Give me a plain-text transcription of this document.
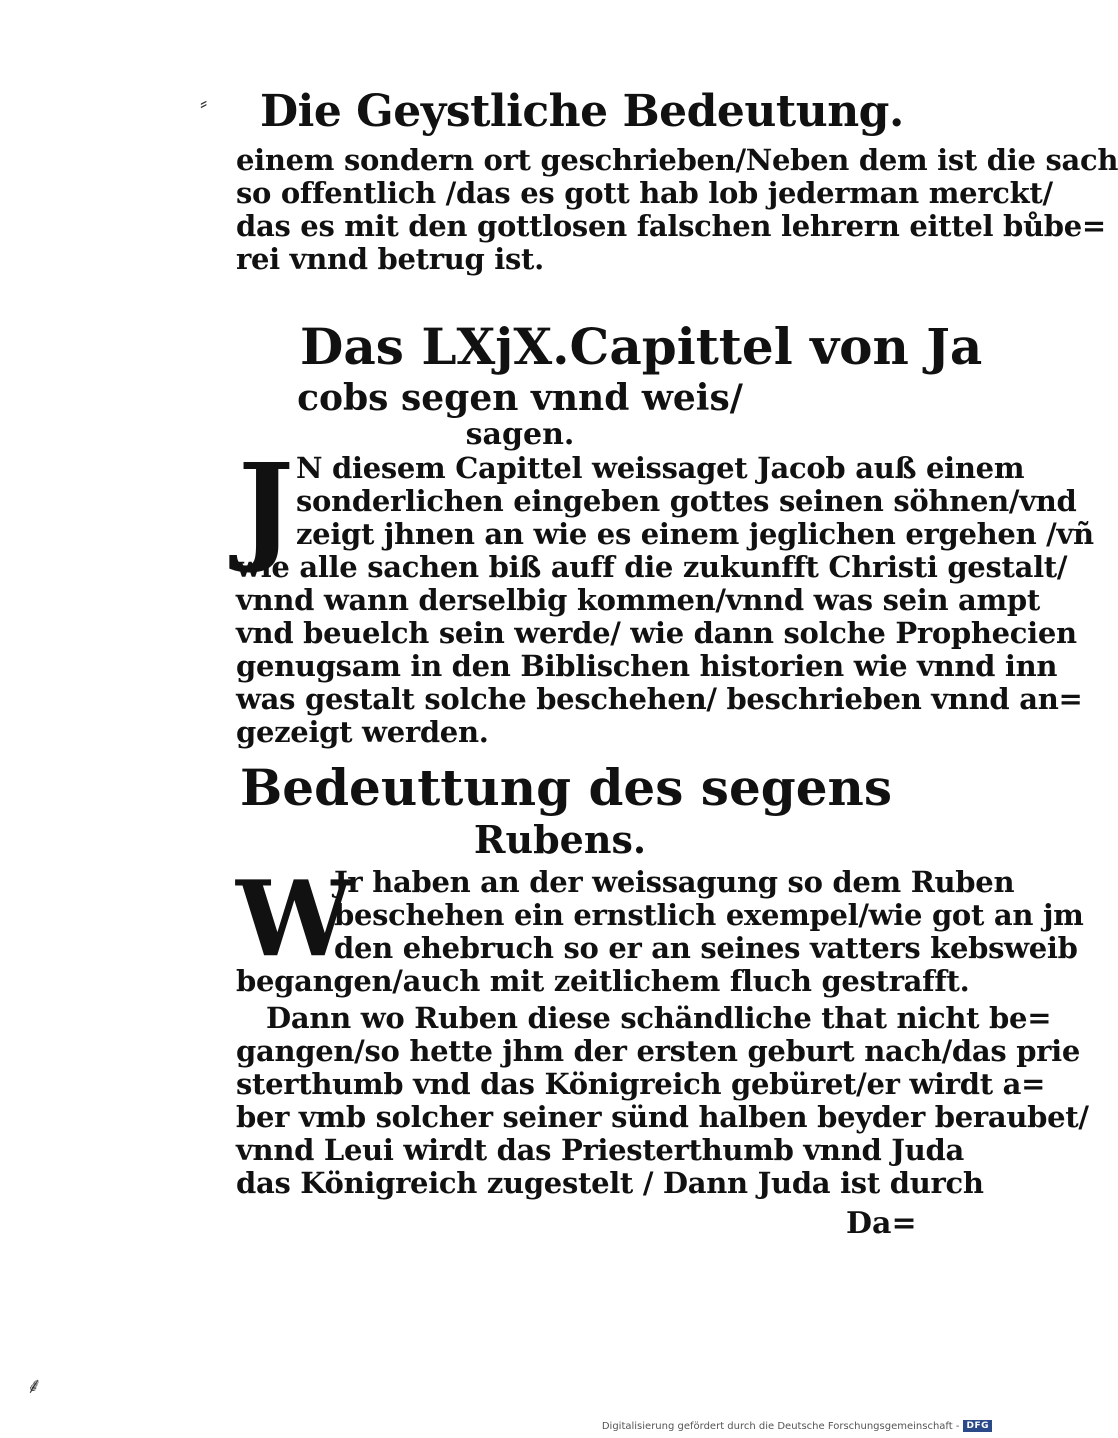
⸗ Die Geystliche Bedeutung.
einem sondern ort geschrieben/Neben dem ist die sach
so offentlich /das es gott hab lob jederman merckt/
das es mit den gottlosen falschen lehrern eittel bůbe=
rei vnnd betrug ist.
Das LXjX.Capittel von Ja
cobs segen vnnd weis/
sagen.
J N diesem Capittel weissaget Jacob auß einem
sonderlichen eingeben gottes seinen söhnen/vnd
zeigt jhnen an wie es einem jeglichen ergehen /vñ
wie alle sachen biß auff die zukunfft Christi gestalt/
vnnd wann derselbig kommen/vnnd was sein ampt
vnd beuelch sein werde/ wie dann solche Prophecien
genugsam in den Biblischen historien wie vnnd inn
was gestalt solche beschehen/ beschrieben vnnd an=
gezeigt werden.
Bedeuttung des segens
Rubens.
W
Jr haben an der weissagung so dem Ruben
beschehen ein ernstlich exempel/wie got an jm
den ehebruch so er an seines vatters kebsweib
begangen/auch mit zeitlichem fluch gestrafft.
Dann wo Ruben diese schändliche that nicht be=
gangen/so hette jhm der ersten geburt nach/das prie
sterthumb vnd das Königreich gebüret/er wirdt a=
ber vmb solcher seiner sünd halben beyder beraubet/
vnnd Leui wirdt das Priesterthumb vnnd Juda
das Königreich zugestelt / Dann Juda ist durch
Da=
⸙
Digitalisierung gefördert durch die Deutsche Forschungsgemeinschaft - DFG
